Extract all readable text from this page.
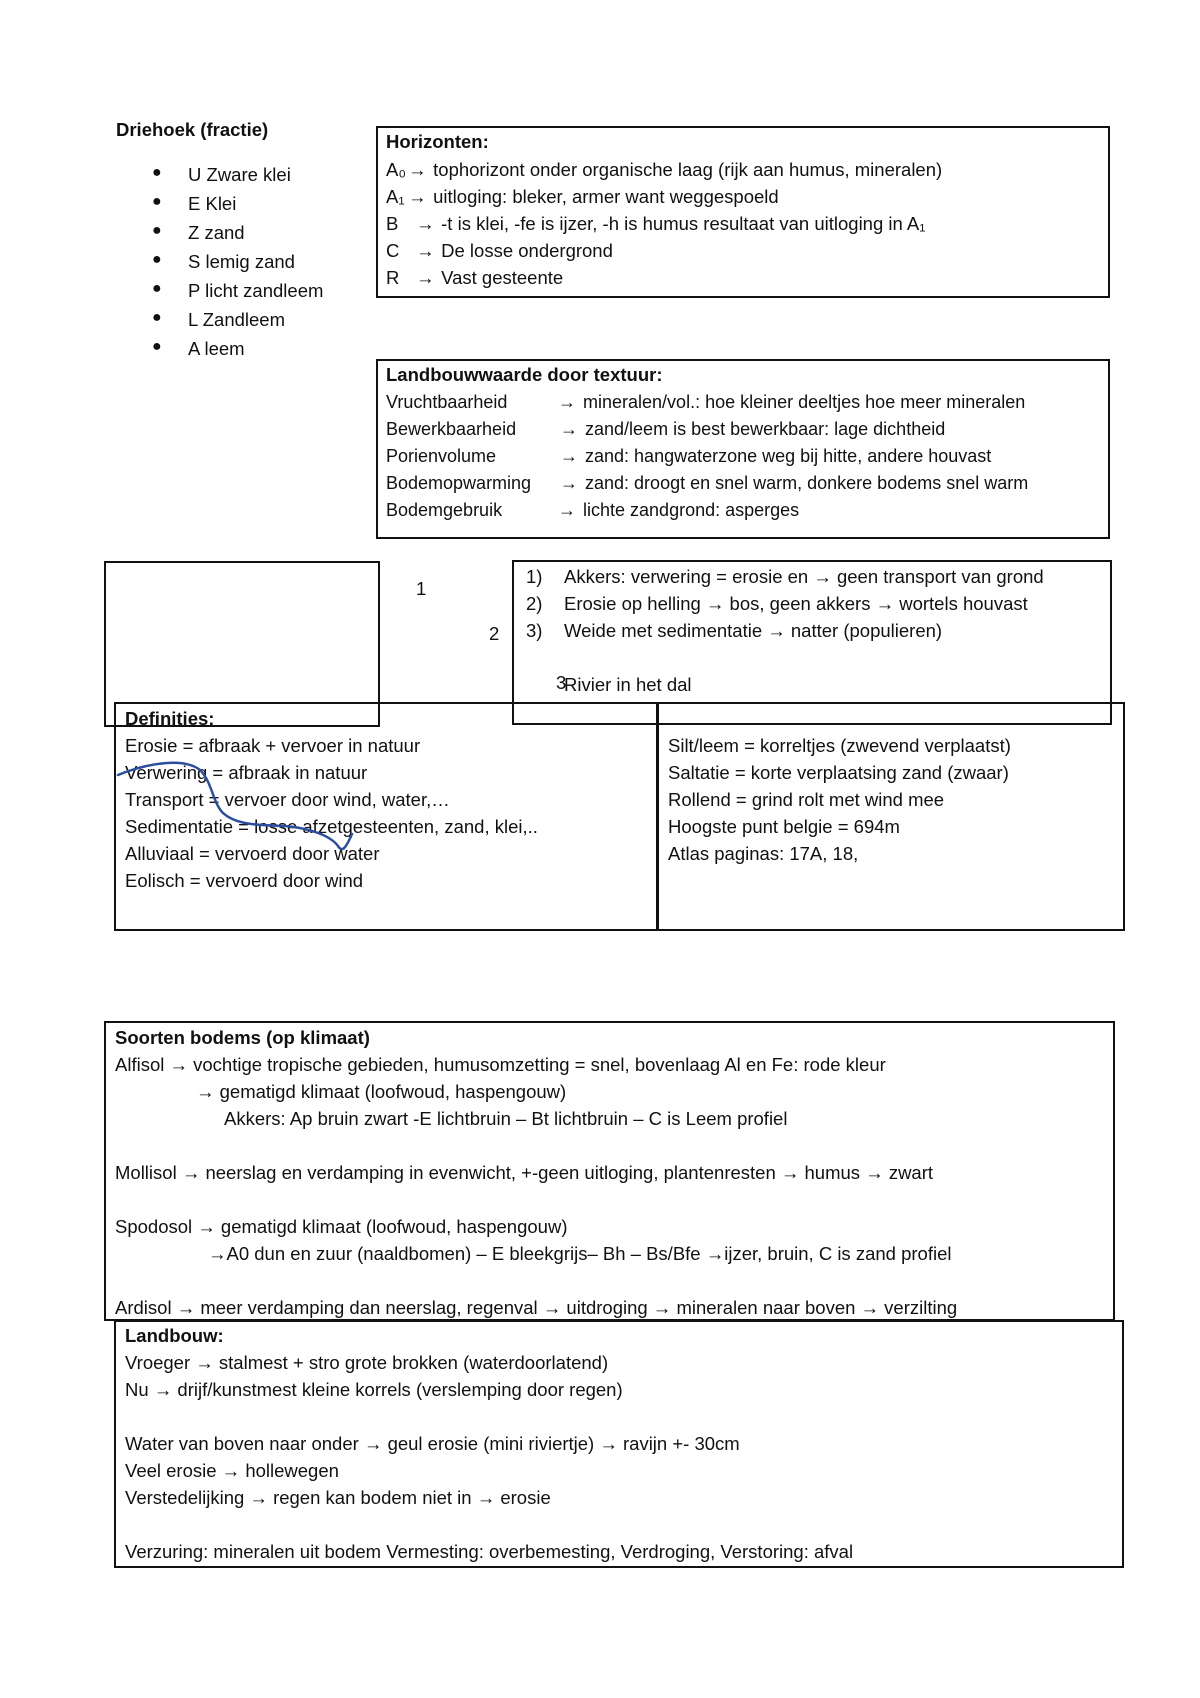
Driehoek (fractie)
● U Zware klei
● E Klei
● Z zand
● S lemig zand
● P licht zandleem
● L Zandleem
● A leem
Horizonten:
A₀ → tophorizont onder organische laag (rijk aan humus, mineralen)
A₁ → uitloging: bleker, armer want weggespoeld
B → -t is klei, -fe is ijzer, -h is humus resultaat van uitloging in A₁
C → De losse ondergrond
R → Vast gesteente
Landbouwwaarde door textuur:
Vruchtbaarheid	→ mineralen/vol.: hoe kleiner deeltjes hoe meer mineralen
Bewerkbaarheid → zand/leem is best bewerkbaar: lage dichtheid
Porienvolume	→ zand: hangwaterzone weg bij hitte, andere houvast
Bodemopwarming → zand: droogt en snel warm, donkere bodems snel warm
Bodemgebruik	→ lichte zandgrond: asperges
1
2
1) Akkers: verwering = erosie en → geen transport van grond
2) Erosie op helling → bos, geen akkers → wortels houvast
3) Weide met sedimentatie → natter (populieren)
3
Rivier in het dal
Definities:
Erosie = afbraak + vervoer in natuur
Verwering = afbraak in natuur
Transport = vervoer door wind, water,…
Sedimentatie = losse afzetgesteenten, zand, klei,..
Alluviaal = vervoerd door water
Eolisch = vervoerd door wind
Silt/leem = korreltjes (zwevend verplaatst)
Saltatie = korte verplaatsing zand (zwaar)
Rollend = grind rolt met wind mee
Hoogste punt belgie = 694m
Atlas paginas: 17A, 18,
Soorten bodems (op klimaat)
Alfisol → vochtige tropische gebieden, humusomzetting = snel, bovenlaag Al en Fe: rode kleur
→ gematigd klimaat (loofwoud, haspengouw)
Akkers: Ap bruin zwart -E lichtbruin – Bt lichtbruin – C is Leem profiel
Mollisol → neerslag en verdamping in evenwicht, +-geen uitloging, plantenresten → humus → zwart
Spodosol → gematigd klimaat (loofwoud, haspengouw)
→A0 dun en zuur (naaldbomen) – E bleekgrijs– Bh – Bs/Bfe →ijzer, bruin, C is zand profiel
Ardisol → meer verdamping dan neerslag, regenval → uitdroging → mineralen naar boven → verzilting
Landbouw:
Vroeger → stalmest + stro grote brokken (waterdoorlatend)
Nu → drijf/kunstmest kleine korrels (verslemping door regen)
Water van boven naar onder → geul erosie (mini riviertje) → ravijn +- 30cm
Veel erosie → hollewegen
Verstedelijking → regen kan bodem niet in → erosie
Verzuring: mineralen uit bodem Vermesting: overbemesting, Verdroging, Verstoring: afval
